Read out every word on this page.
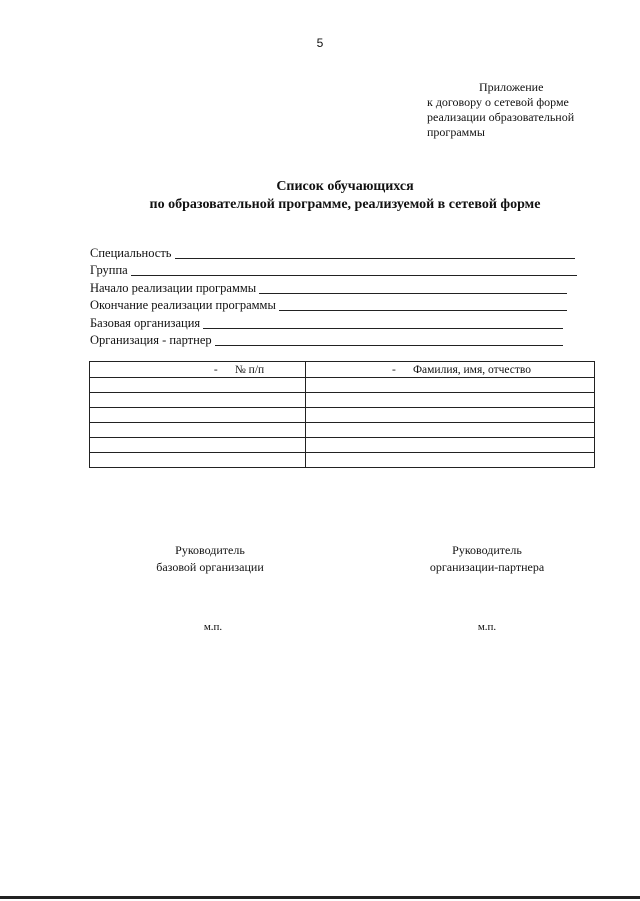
5
Приложение
к договору о сетевой форме
реализации образовательной
программы
Список обучающихся
по образовательной программе, реализуемой в сетевой форме
Специальность
Группа
Начало реализации программы
Окончание реализации программы
Базовая организация
Организация - партнер
- № п/п	- Фамилия, имя, отчество

Руководитель
базовой организации
Руководитель
организации-партнера
м.п.	м.п.
